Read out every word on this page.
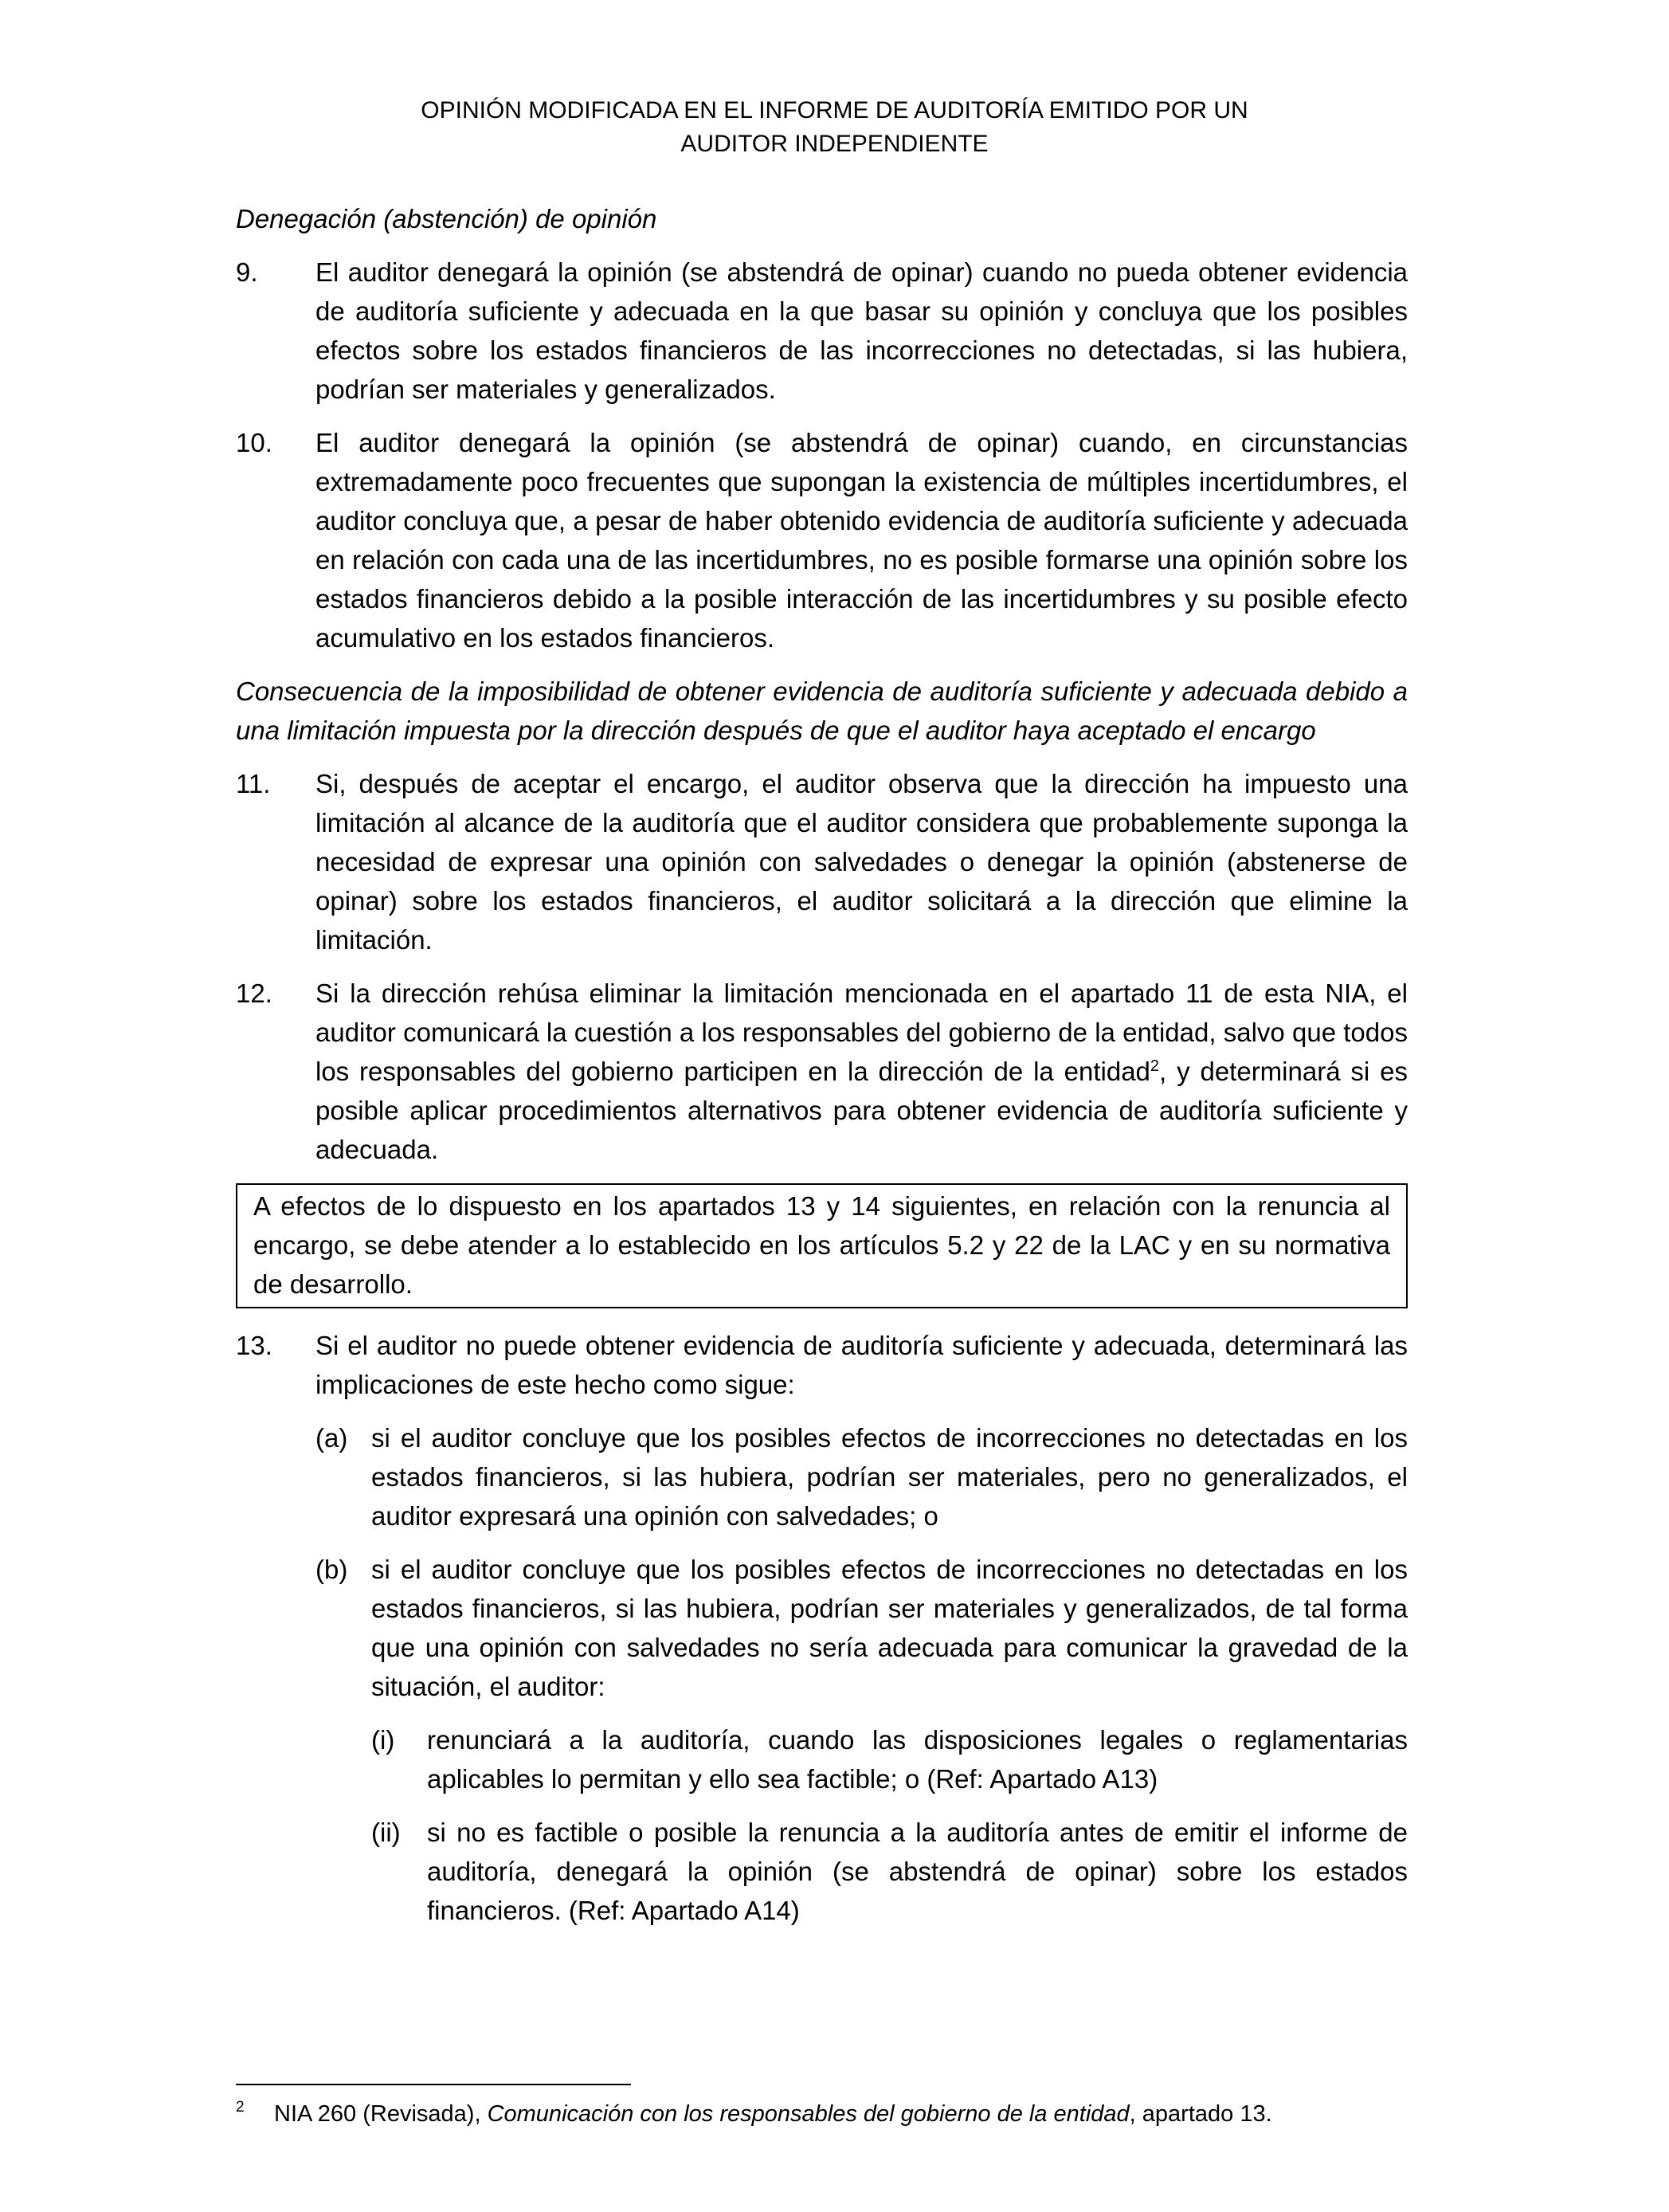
OPINIÓN MODIFICADA EN EL INFORME DE AUDITORÍA EMITIDO POR UN
AUDITOR INDEPENDIENTE
Denegación (abstención) de opinión
9. El auditor denegará la opinión (se abstendrá de opinar) cuando no pueda obtener evidencia de auditoría suficiente y adecuada en la que basar su opinión y concluya que los posibles efectos sobre los estados financieros de las incorrecciones no detectadas, si las hubiera, podrían ser materiales y generalizados.
10. El auditor denegará la opinión (se abstendrá de opinar) cuando, en circunstancias extremadamente poco frecuentes que supongan la existencia de múltiples incertidumbres, el auditor concluya que, a pesar de haber obtenido evidencia de auditoría suficiente y adecuada en relación con cada una de las incertidumbres, no es posible formarse una opinión sobre los estados financieros debido a la posible interacción de las incertidumbres y su posible efecto acumulativo en los estados financieros.
Consecuencia de la imposibilidad de obtener evidencia de auditoría suficiente y adecuada debido a una limitación impuesta por la dirección después de que el auditor haya aceptado el encargo
11. Si, después de aceptar el encargo, el auditor observa que la dirección ha impuesto una limitación al alcance de la auditoría que el auditor considera que probablemente suponga la necesidad de expresar una opinión con salvedades o denegar la opinión (abstenerse de opinar) sobre los estados financieros, el auditor solicitará a la dirección que elimine la limitación.
12. Si la dirección rehúsa eliminar la limitación mencionada en el apartado 11 de esta NIA, el auditor comunicará la cuestión a los responsables del gobierno de la entidad, salvo que todos los responsables del gobierno participen en la dirección de la entidad$^2$, y determinará si es posible aplicar procedimientos alternativos para obtener evidencia de auditoría suficiente y adecuada.
A efectos de lo dispuesto en los apartados 13 y 14 siguientes, en relación con la renuncia al encargo, se debe atender a lo establecido en los artículos 5.2 y 22 de la LAC y en su normativa de desarrollo.
13. Si el auditor no puede obtener evidencia de auditoría suficiente y adecuada, determinará las implicaciones de este hecho como sigue:
(a) si el auditor concluye que los posibles efectos de incorrecciones no detectadas en los estados financieros, si las hubiera, podrían ser materiales, pero no generalizados, el auditor expresará una opinión con salvedades; o
(b) si el auditor concluye que los posibles efectos de incorrecciones no detectadas en los estados financieros, si las hubiera, podrían ser materiales y generalizados, de tal forma que una opinión con salvedades no sería adecuada para comunicar la gravedad de la situación, el auditor:
(i) renunciará a la auditoría, cuando las disposiciones legales o reglamentarias aplicables lo permitan y ello sea factible; o (Ref: Apartado A13)
(ii) si no es factible o posible la renuncia a la auditoría antes de emitir el informe de auditoría, denegará la opinión (se abstendrá de opinar) sobre los estados financieros. (Ref: Apartado A14)
2 NIA 260 (Revisada), Comunicación con los responsables del gobierno de la entidad, apartado 13.
